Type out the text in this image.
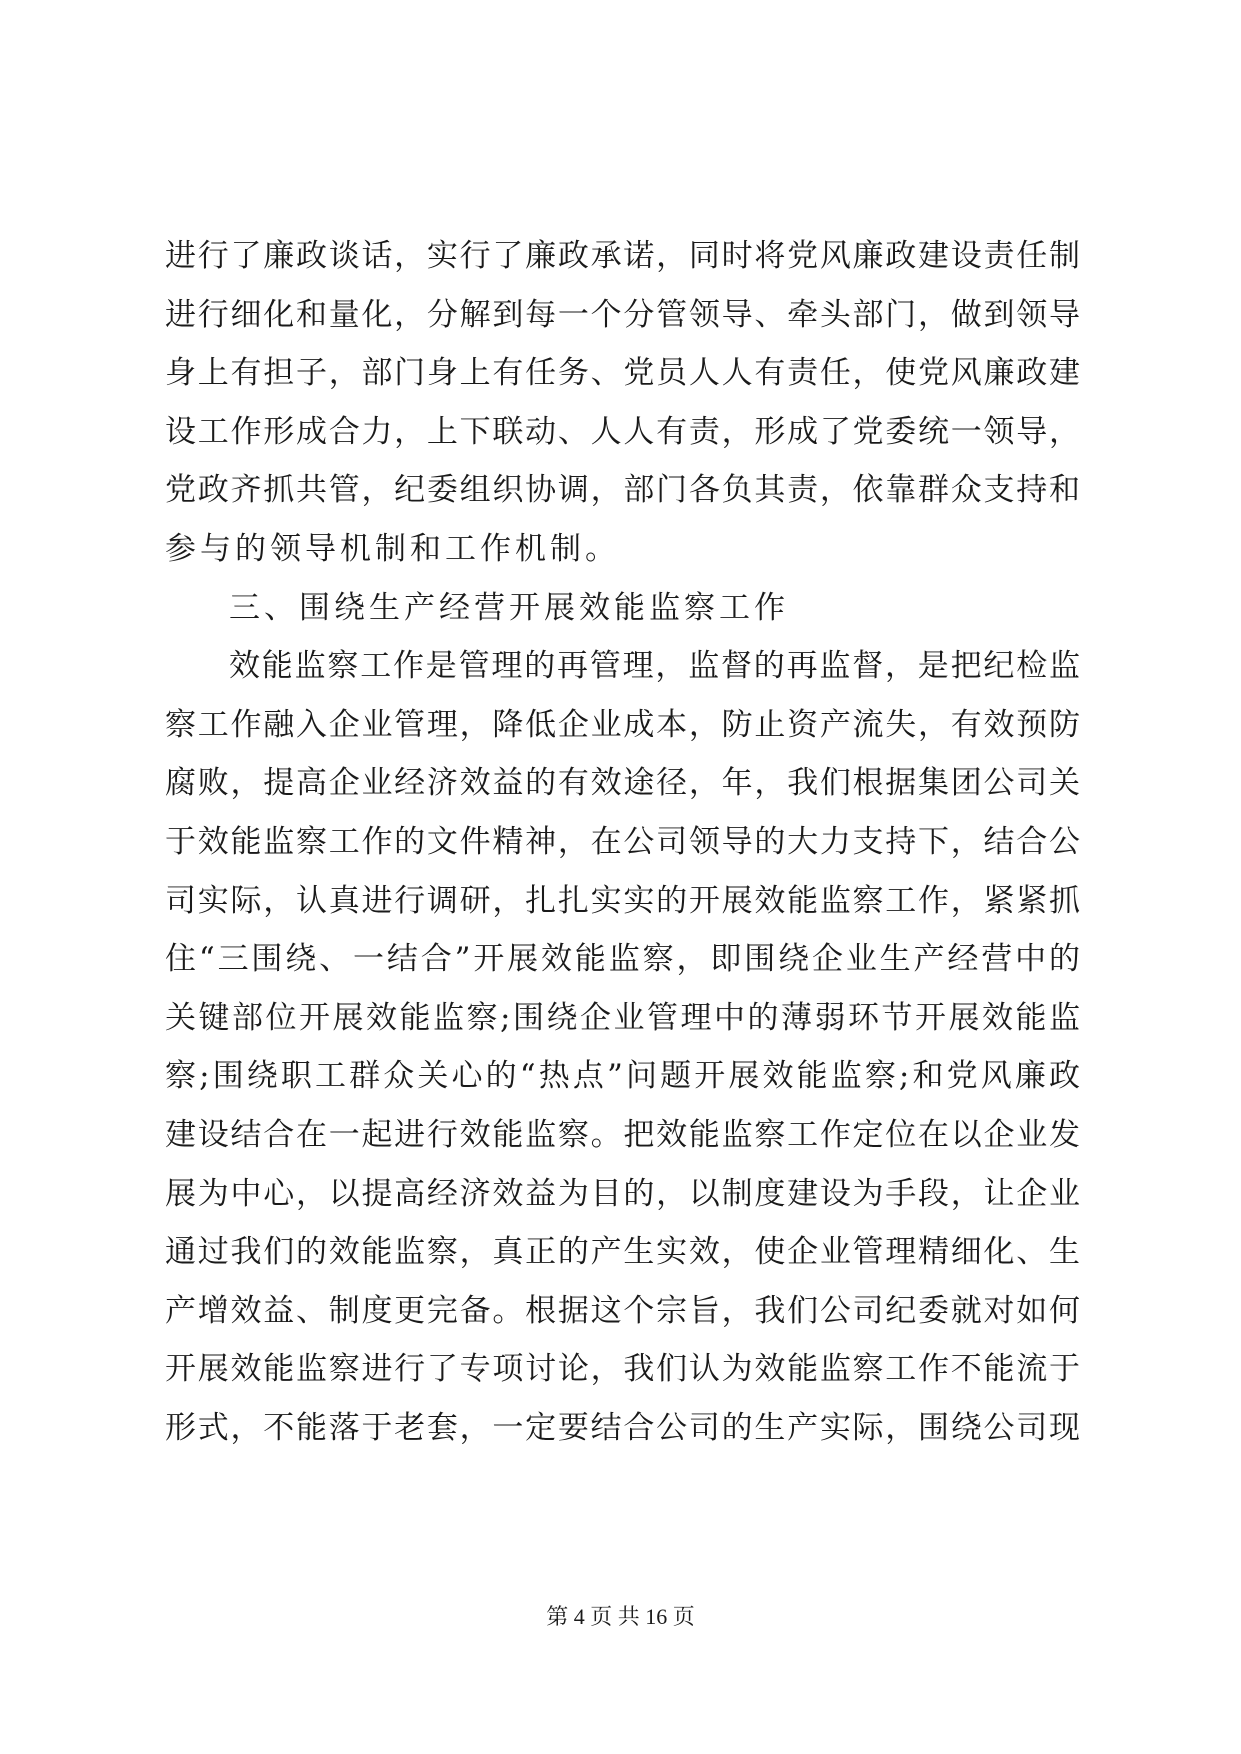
进行了廉政谈话，实行了廉政承诺，同时将党风廉政建设责任制
进行细化和量化，分解到每一个分管领导、牵头部门，做到领导
身上有担子，部门身上有任务、党员人人有责任，使党风廉政建
设工作形成合力，上下联动、人人有责，形成了党委统一领导，
党政齐抓共管，纪委组织协调，部门各负其责，依靠群众支持和
参与的领导机制和工作机制。
三、围绕生产经营开展效能监察工作
效能监察工作是管理的再管理，监督的再监督，是把纪检监
察工作融入企业管理，降低企业成本，防止资产流失，有效预防
腐败，提高企业经济效益的有效途径，年，我们根据集团公司关
于效能监察工作的文件精神，在公司领导的大力支持下，结合公
司实际，认真进行调研，扎扎实实的开展效能监察工作，紧紧抓
住“三围绕、一结合”开展效能监察，即围绕企业生产经营中的
关键部位开展效能监察;围绕企业管理中的薄弱环节开展效能监
察;围绕职工群众关心的“热点”问题开展效能监察;和党风廉政
建设结合在一起进行效能监察。把效能监察工作定位在以企业发
展为中心，以提高经济效益为目的，以制度建设为手段，让企业
通过我们的效能监察，真正的产生实效，使企业管理精细化、生
产增效益、制度更完备。根据这个宗旨，我们公司纪委就对如何
开展效能监察进行了专项讨论，我们认为效能监察工作不能流于
形式，不能落于老套，一定要结合公司的生产实际，围绕公司现
第 4 页 共 16 页
